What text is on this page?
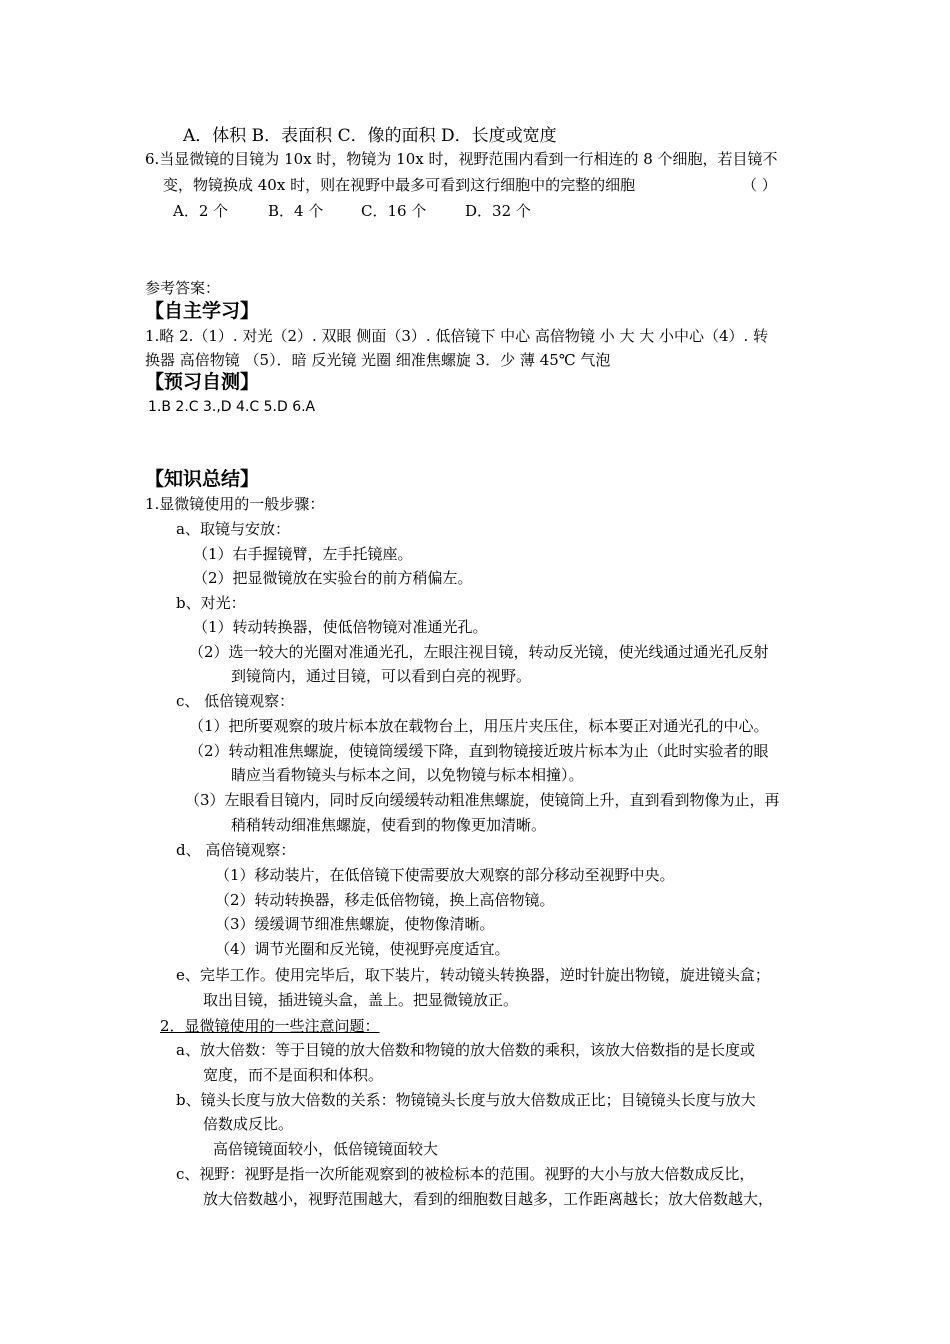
A．体积 B．表面积 C．像的面积 D．长度或宽度
6.当显微镜的目镜为 10x 时，物镜为 10x 时，视野范围内看到一行相连的 8 个细胞，若目镜不
变，物镜换成 40x 时，则在视野中最多可看到这行细胞中的完整的细胞	（ ）
A．2 个	B．4 个	C．16 个	D．32 个
参考答案：
【自主学习】
1.略 2.（1）. 对光（2）. 双眼 侧面（3）. 低倍镜下 中心 高倍物镜 小 大 大 小中心（4）. 转
换器 高倍物镜 （5）．暗 反光镜 光圈 细准焦螺旋 3．少 薄 45℃ 气泡
【预习自测】
1.B 2.C 3.,D 4.C 5.D 6.A
【知识总结】
1.显微镜使用的一般步骤：
a、取镜与安放：
（1）右手握镜臂，左手托镜座。
（2）把显微镜放在实验台的前方稍偏左。
b、对光：
（1）转动转换器，使低倍物镜对准通光孔。
（2）选一较大的光圈对准通光孔，左眼注视目镜，转动反光镜，使光线通过通光孔反射
到镜筒内，通过目镜，可以看到白亮的视野。
c、 低倍镜观察：
（1）把所要观察的玻片标本放在载物台上，用压片夹压住，标本要正对通光孔的中心。
（2）转动粗准焦螺旋，使镜筒缓缓下降，直到物镜接近玻片标本为止（此时实验者的眼
睛应当看物镜头与标本之间，以免物镜与标本相撞）。
（3）左眼看目镜内，同时反向缓缓转动粗准焦螺旋，使镜筒上升，直到看到物像为止，再
稍稍转动细准焦螺旋，使看到的物像更加清晰。
d、 高倍镜观察：
（1）移动装片，在低倍镜下使需要放大观察的部分移动至视野中央。
（2）转动转换器，移走低倍物镜，换上高倍物镜。
（3）缓缓调节细准焦螺旋，使物像清晰。
（4）调节光圈和反光镜，使视野亮度适宜。
e、完毕工作。使用完毕后，取下装片，转动镜头转换器，逆时针旋出物镜，旋进镜头盒；
取出目镜，插进镜头盒，盖上。把显微镜放正。
2．显微镜使用的一些注意问题：
a、放大倍数：等于目镜的放大倍数和物镜的放大倍数的乘积，该放大倍数指的是长度或
宽度，而不是面积和体积。
b、镜头长度与放大倍数的关系：物镜镜头长度与放大倍数成正比；目镜镜头长度与放大
倍数成反比。
高倍镜镜面较小，低倍镜镜面较大
c、视野：视野是指一次所能观察到的被检标本的范围。视野的大小与放大倍数成反比，
放大倍数越小，视野范围越大，看到的细胞数目越多，工作距离越长；放大倍数越大，
